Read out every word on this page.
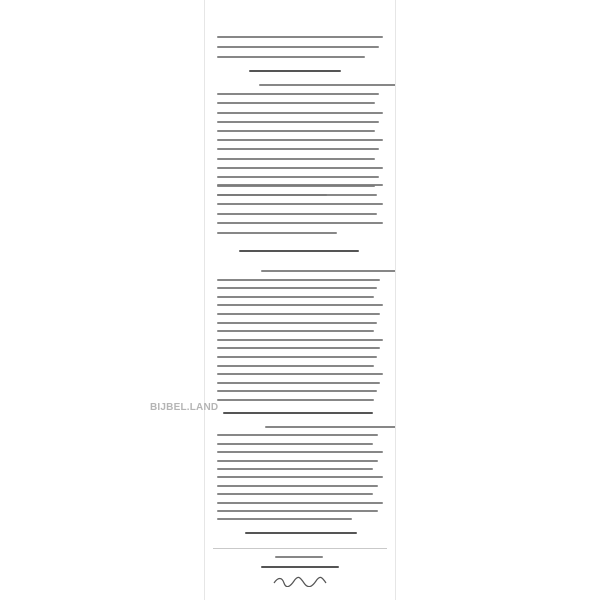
BIJBEL.LAND
